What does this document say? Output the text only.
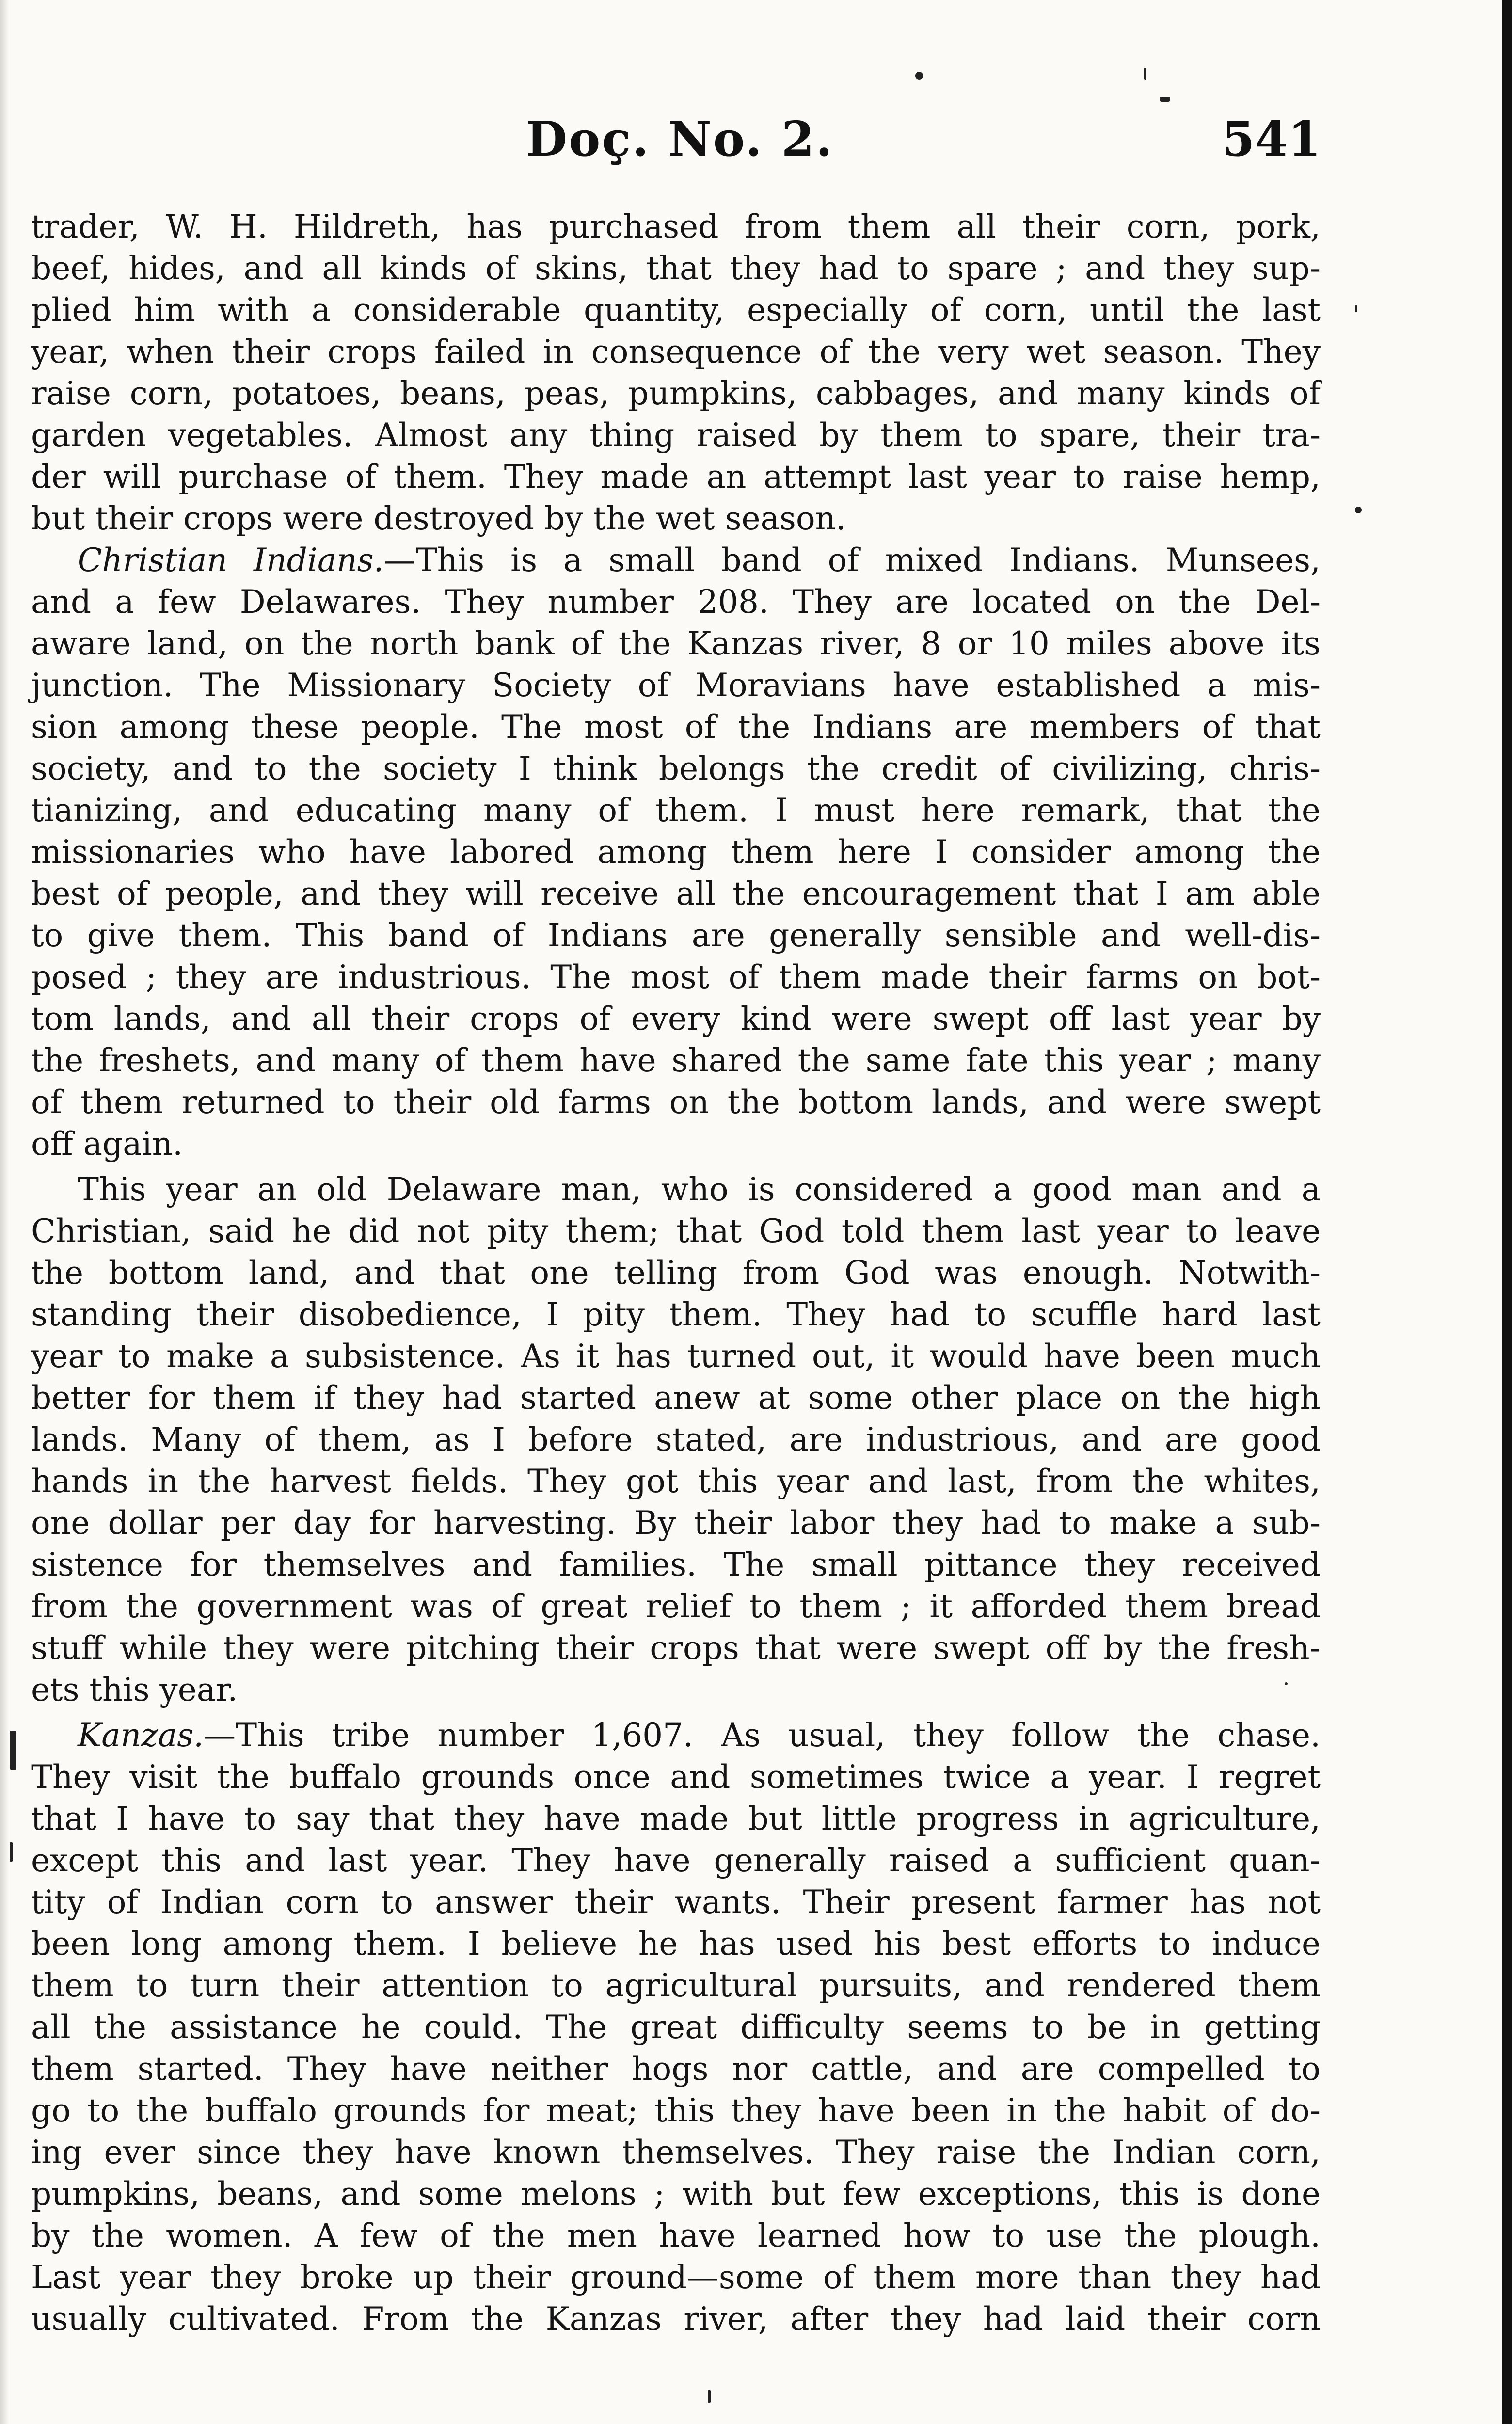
Doç. No. 2.	541
trader, W. H. Hildreth, has purchased from them all their corn, pork,
beef, hides, and all kinds of skins, that they had to spare ; and they sup-
plied him with a considerable quantity, especially of corn, until the last
year, when their crops failed in consequence of the very wet season. They
raise corn, potatoes, beans, peas, pumpkins, cabbages, and many kinds of
garden vegetables. Almost any thing raised by them to spare, their tra-
der will purchase of them. They made an attempt last year to raise hemp,
but their crops were destroyed by the wet season.
Christian Indians.—This is a small band of mixed Indians. Munsees,
and a few Delawares. They number 208. They are located on the Del-
aware land, on the north bank of the Kanzas river, 8 or 10 miles above its
junction. The Missionary Society of Moravians have established a mis-
sion among these people. The most of the Indians are members of that
society, and to the society I think belongs the credit of civilizing, chris-
tianizing, and educating many of them. I must here remark, that the
missionaries who have labored among them here I consider among the
best of people, and they will receive all the encouragement that I am able
to give them. This band of Indians are generally sensible and well-dis-
posed ; they are industrious. The most of them made their farms on bot-
tom lands, and all their crops of every kind were swept off last year by
the freshets, and many of them have shared the same fate this year ; many
of them returned to their old farms on the bottom lands, and were swept
off again.
This year an old Delaware man, who is considered a good man and a
Christian, said he did not pity them; that God told them last year to leave
the bottom land, and that one telling from God was enough. Notwith-
standing their disobedience, I pity them. They had to scuffle hard last
year to make a subsistence. As it has turned out, it would have been much
better for them if they had started anew at some other place on the high
lands. Many of them, as I before stated, are industrious, and are good
hands in the harvest fields. They got this year and last, from the whites,
one dollar per day for harvesting. By their labor they had to make a sub-
sistence for themselves and families. The small pittance they received
from the government was of great relief to them ; it afforded them bread
stuff while they were pitching their crops that were swept off by the fresh-
ets this year.
Kanzas.—This tribe number 1,607. As usual, they follow the chase.
They visit the buffalo grounds once and sometimes twice a year. I regret
that I have to say that they have made but little progress in agriculture,
except this and last year. They have generally raised a sufficient quan-
tity of Indian corn to answer their wants. Their present farmer has not
been long among them. I believe he has used his best efforts to induce
them to turn their attention to agricultural pursuits, and rendered them
all the assistance he could. The great difficulty seems to be in getting
them started. They have neither hogs nor cattle, and are compelled to
go to the buffalo grounds for meat; this they have been in the habit of do-
ing ever since they have known themselves. They raise the Indian corn,
pumpkins, beans, and some melons ; with but few exceptions, this is done
by the women. A few of the men have learned how to use the plough.
Last year they broke up their ground—some of them more than they had
usually cultivated. From the Kanzas river, after they had laid their corn
